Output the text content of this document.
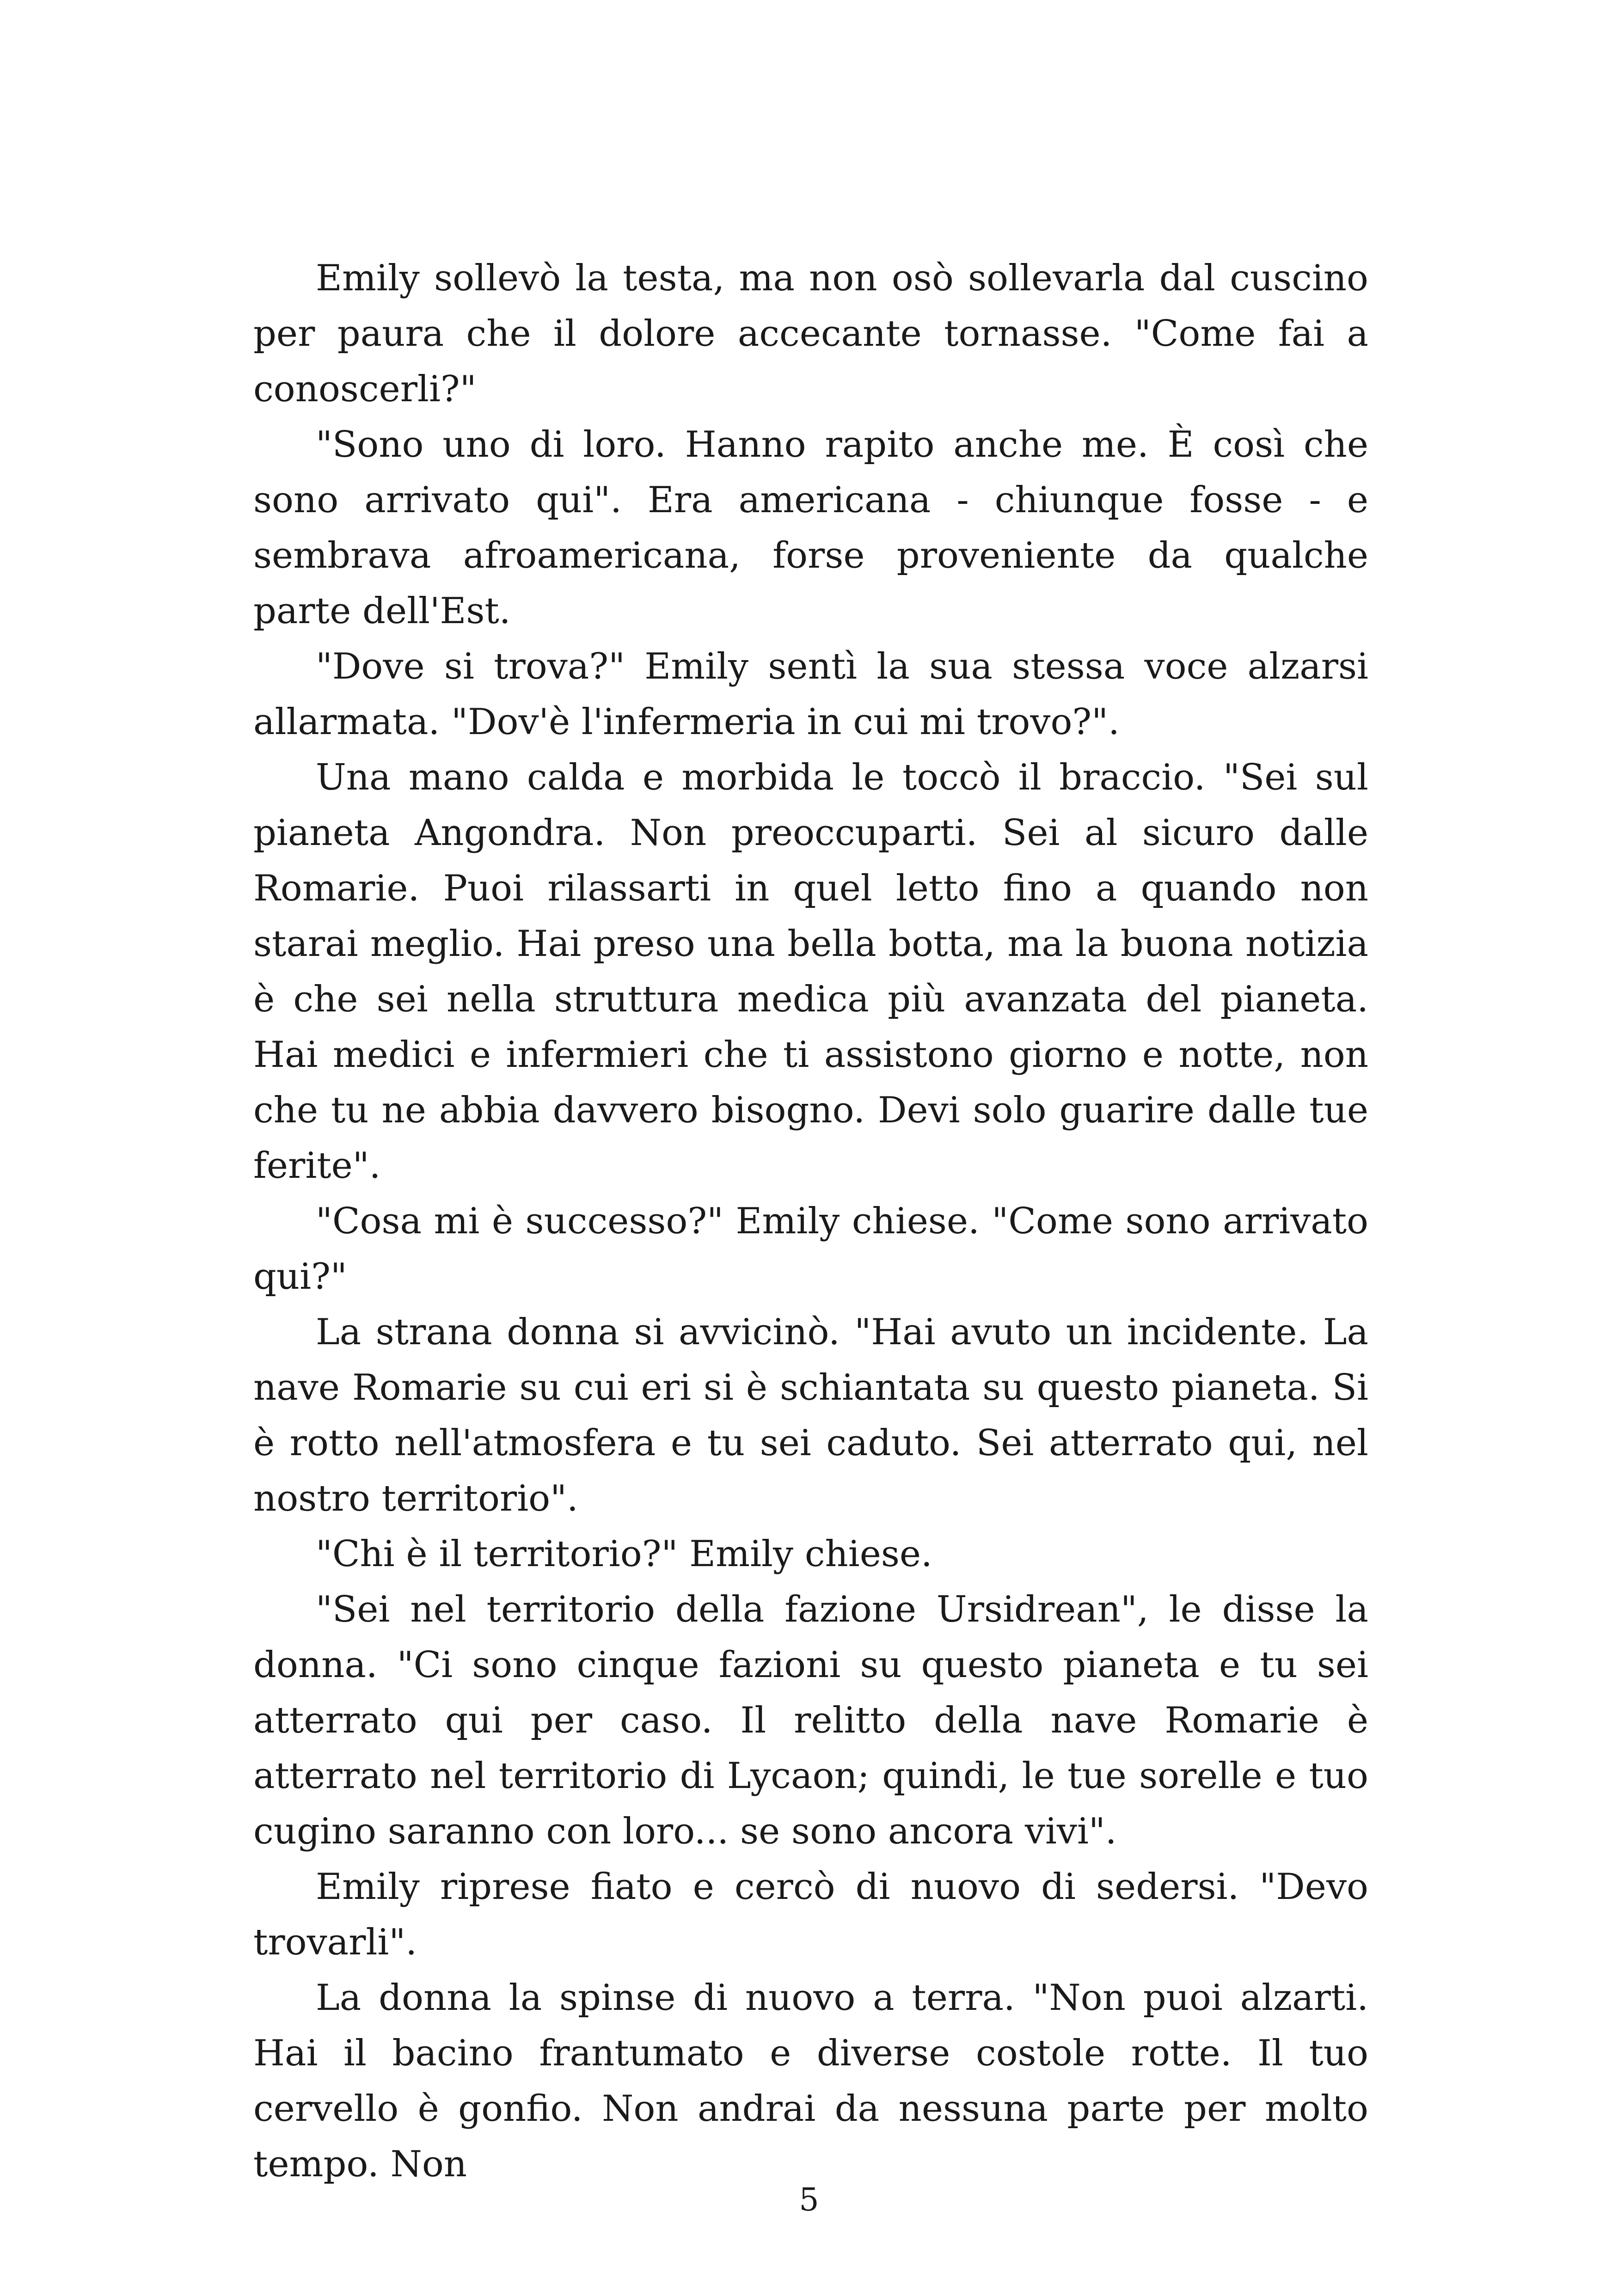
Emily sollevò la testa, ma non osò sollevarla dal cuscino per paura che il dolore accecante tornasse. "Come fai a conoscerli?"

"Sono uno di loro. Hanno rapito anche me. È così che sono arrivato qui". Era americana - chiunque fosse - e sembrava afroamericana, forse proveniente da qualche parte dell'Est.

"Dove si trova?" Emily sentì la sua stessa voce alzarsi allarmata. "Dov'è l'infermeria in cui mi trovo?".

Una mano calda e morbida le toccò il braccio. "Sei sul pianeta Angondra. Non preoccuparti. Sei al sicuro dalle Romarie. Puoi rilassarti in quel letto fino a quando non starai meglio. Hai preso una bella botta, ma la buona notizia è che sei nella struttura medica più avanzata del pianeta. Hai medici e infermieri che ti assistono giorno e notte, non che tu ne abbia davvero bisogno. Devi solo guarire dalle tue ferite".

"Cosa mi è successo?" Emily chiese. "Come sono arrivato qui?"

La strana donna si avvicinò. "Hai avuto un incidente. La nave Romarie su cui eri si è schiantata su questo pianeta. Si è rotto nell'atmosfera e tu sei caduto. Sei atterrato qui, nel nostro territorio".

"Chi è il territorio?" Emily chiese.

"Sei nel territorio della fazione Ursidrean", le disse la donna. "Ci sono cinque fazioni su questo pianeta e tu sei atterrato qui per caso. Il relitto della nave Romarie è atterrato nel territorio di Lycaon; quindi, le tue sorelle e tuo cugino saranno con loro... se sono ancora vivi".

Emily riprese fiato e cercò di nuovo di sedersi. "Devo trovarli".

La donna la spinse di nuovo a terra. "Non puoi alzarti. Hai il bacino frantumato e diverse costole rotte. Il tuo cervello è gonfio. Non andrai da nessuna parte per molto tempo. Non

5
